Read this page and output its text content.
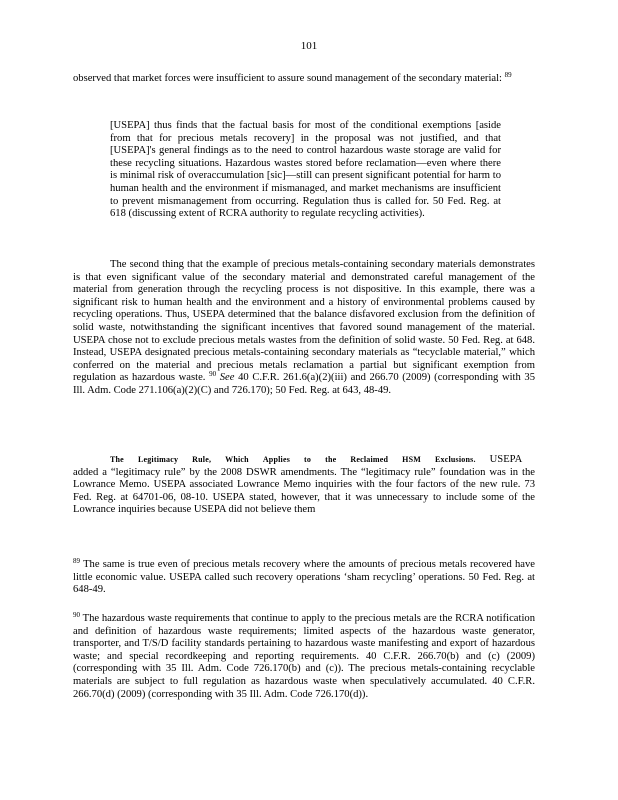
101
observed that market forces were insufficient to assure sound management of the secondary material: $^{89}$
[USEPA] thus finds that the factual basis for most of the conditional exemptions [aside from that for precious metals recovery] in the proposal was not justified, and that [USEPA]'s general findings as to the need to control hazardous waste storage are valid for these recycling situations. Hazardous wastes stored before reclamation—even where there is minimal risk of overaccumulation [sic]—still can present significant potential for harm to human health and the environment if mismanaged, and market mechanisms are insufficient to prevent mismanagement from occurring. Regulation thus is called for. 50 Fed. Reg. at 618 (discussing extent of RCRA authority to regulate recycling activities).
The second thing that the example of precious metals-containing secondary materials demonstrates is that even significant value of the secondary material and demonstrated careful management of the material from generation through the recycling process is not dispositive. In this example, there was a significant risk to human health and the environment and a history of environmental problems caused by recycling operations. Thus, USEPA determined that the balance disfavored exclusion from the definition of solid waste, notwithstanding the significant incentives that favored sound management of the material. USEPA chose not to exclude precious metals wastes from the definition of solid waste. 50 Fed. Reg. at 648. Instead, USEPA designated precious metals-containing secondary materials as “tecyclable material,” which conferred on the material and precious metals reclamation a partial but significant exemption from regulation as hazardous waste. $^{90}$ See 40 C.F.R. 261.6(a)(2)(iii) and 266.70 (2009) (corresponding with 35 Ill. Adm. Code 271.106(a)(2)(C) and 726.170); 50 Fed. Reg. at 643, 48-49.
The Legitimacy Rule, Which Applies to the Reclaimed HSM Exclusions. USEPA added a “legitimacy rule” by the 2008 DSWR amendments. The “legitimacy rule” foundation was in the Lowrance Memo. USEPA associated Lowrance Memo inquiries with the four factors of the new rule. 73 Fed. Reg. at 64701-06, 08-10. USEPA stated, however, that it was unnecessary to include some of the Lowrance inquiries because USEPA did not believe them
$^{89}$ The same is true even of precious metals recovery where the amounts of precious metals recovered have little economic value. USEPA called such recovery operations ‘sham recycling’ operations. 50 Fed. Reg. at 648-49.
$^{90}$ The hazardous waste requirements that continue to apply to the precious metals are the RCRA notification and definition of hazardous waste requirements; limited aspects of the hazardous waste generator, transporter, and T/S/D facility standards pertaining to hazardous waste manifesting and export of hazardous waste; and special recordkeeping and reporting requirements. 40 C.F.R. 266.70(b) and (c) (2009) (corresponding with 35 Ill. Adm. Code 726.170(b) and (c)). The precious metals-containing recyclable materials are subject to full regulation as hazardous waste when speculatively accumulated. 40 C.F.R. 266.70(d) (2009) (corresponding with 35 Ill. Adm. Code 726.170(d)).
